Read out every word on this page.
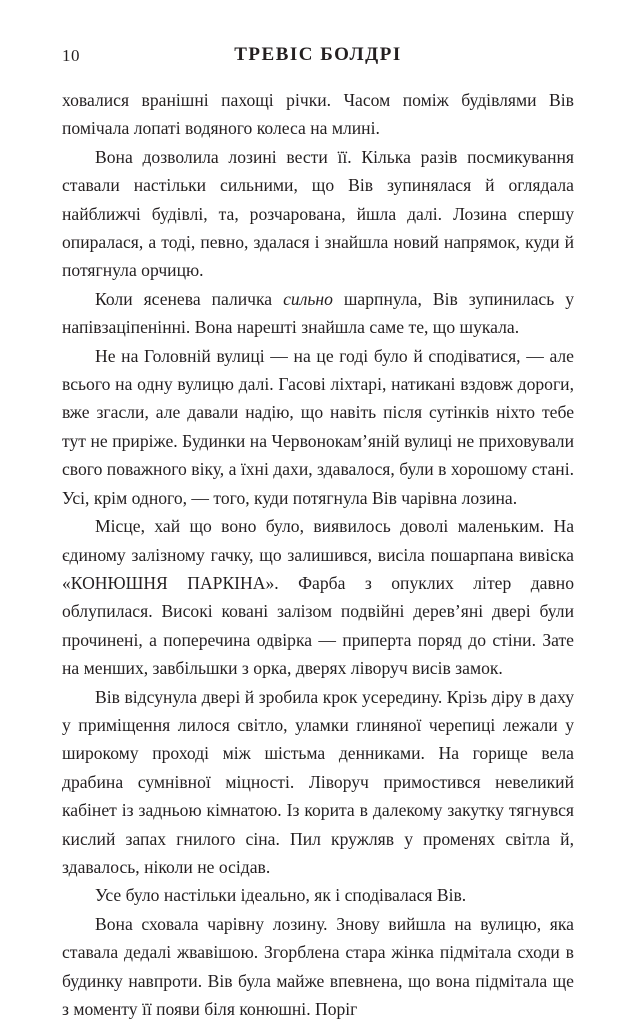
10	ТРЕВІС БОЛДРІ

ховалися вранішні пахощі річки. Часом поміж будівлями Вів помічала лопаті водяного колеса на млині.

Вона дозволила лозині вести її. Кілька разів посмикування ставали настільки сильними, що Вів зупинялася й оглядала найближчі будівлі, та, розчарована, йшла далі. Лозина спершу опиралася, а тоді, певно, здалася і знайшла новий напрямок, куди й потягнула орчицю.

Коли ясенева паличка сильно шарпнула, Вів зупинилась у напівзаціпенінні. Вона нарешті знайшла саме те, що шукала.

Не на Головній вулиці — на це годі було й сподіватися, — але всього на одну вулицю далі. Гасові ліхтарі, натикані вздовж дороги, вже згасли, але давали надію, що навіть після сутінків ніхто тебе тут не приріже. Будинки на Червонокам’яній вулиці не приховували свого поважного віку, а їхні дахи, здавалося, були в хорошому стані. Усі, крім одного, — того, куди потягнула Вів чарівна лозина.

Місце, хай що воно було, виявилось доволі маленьким. На єдиному залізному гачку, що залишився, висіла пошарпана вивіска «КОНЮШНЯ ПАРКІНА». Фарба з опуклих літер давно облупилася. Високі ковані залізом подвійні дерев’яні двері були прочинені, а поперечина одвірка — приперта поряд до стіни. Зате на менших, завбільшки з орка, дверях ліворуч висів замок.

Вів відсунула двері й зробила крок усередину. Крізь діру в даху у приміщення лилося світло, уламки глиняної черепиці лежали у широкому проході між шістьма денниками. На горище вела драбина сумнівної міцності. Ліворуч примостився невеликий кабінет із задньою кімнатою. Із корита в далекому закутку тягнувся кислий запах гнилого сіна. Пил кружляв у променях світла й, здавалось, ніколи не осідав.

Усе було настільки ідеально, як і сподівалася Вів.

Вона сховала чарівну лозину. Знову вийшла на вулицю, яка ставала дедалі жвавішою. Згорблена стара жінка підмітала сходи в будинку навпроти. Вів була майже впевнена, що вона підмітала ще з моменту її появи біля конюшні. Поріг
